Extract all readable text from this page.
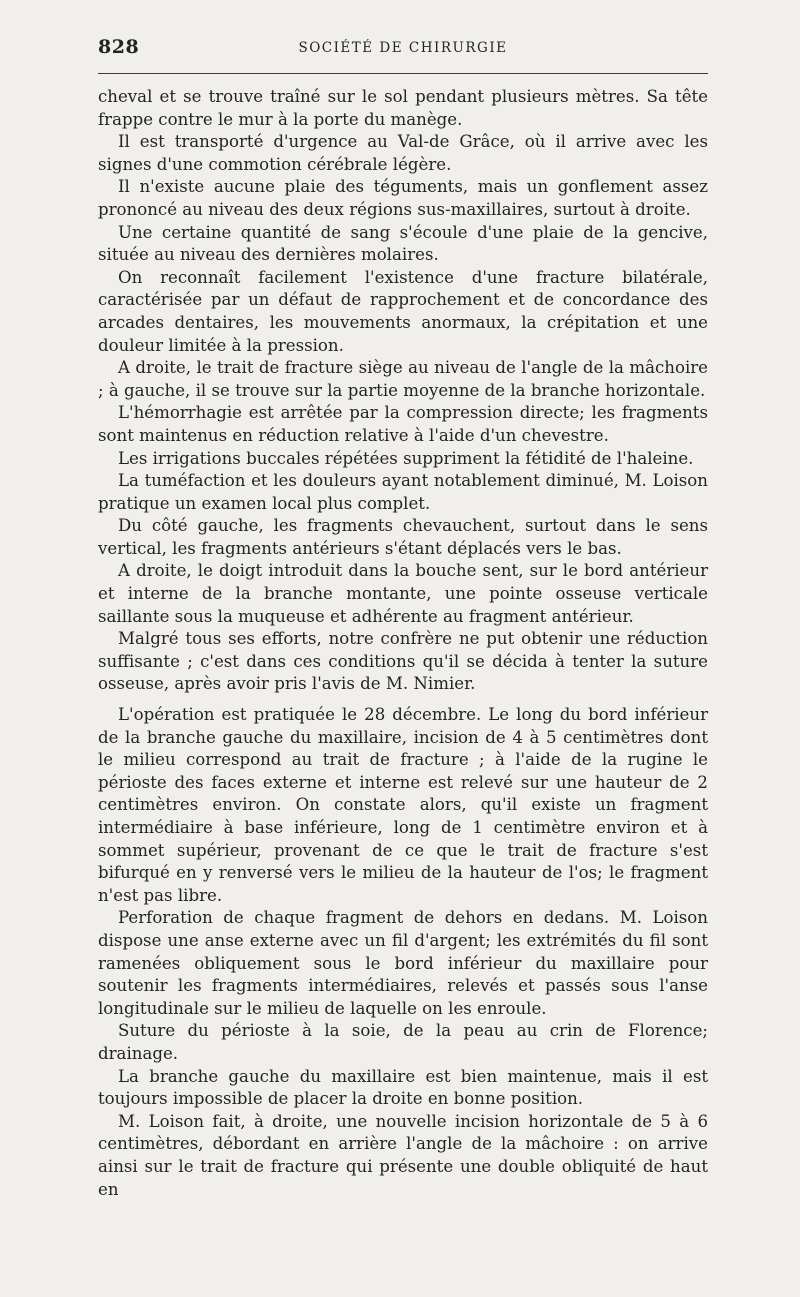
828	SOCIÉTÉ DE CHIRURGIE

cheval et se trouve traîné sur le sol pendant plusieurs mètres. Sa tête frappe contre le mur à la porte du manège.

Il est transporté d'urgence au Val-de Grâce, où il arrive avec les signes d'une commotion cérébrale légère.

Il n'existe aucune plaie des téguments, mais un gonflement assez prononcé au niveau des deux régions sus-maxillaires, surtout à droite.

Une certaine quantité de sang s'écoule d'une plaie de la gencive, située au niveau des dernières molaires.

On reconnaît facilement l'existence d'une fracture bilatérale, caractérisée par un défaut de rapprochement et de concordance des arcades dentaires, les mouvements anormaux, la crépitation et une douleur limitée à la pression.

A droite, le trait de fracture siège au niveau de l'angle de la mâchoire ; à gauche, il se trouve sur la partie moyenne de la branche horizontale.

L'hémorrhagie est arrêtée par la compression directe; les fragments sont maintenus en réduction relative à l'aide d'un chevestre.

Les irrigations buccales répétées suppriment la fétidité de l'haleine.

La tuméfaction et les douleurs ayant notablement diminué, M. Loison pratique un examen local plus complet.

Du côté gauche, les fragments chevauchent, surtout dans le sens vertical, les fragments antérieurs s'étant déplacés vers le bas.

A droite, le doigt introduit dans la bouche sent, sur le bord antérieur et interne de la branche montante, une pointe osseuse verticale saillante sous la muqueuse et adhérente au fragment antérieur.

Malgré tous ses efforts, notre confrère ne put obtenir une réduction suffisante ; c'est dans ces conditions qu'il se décida à tenter la suture osseuse, après avoir pris l'avis de M. Nimier.

L'opération est pratiquée le 28 décembre. Le long du bord inférieur de la branche gauche du maxillaire, incision de 4 à 5 centimètres dont le milieu correspond au trait de fracture ; à l'aide de la rugine le périoste des faces externe et interne est relevé sur une hauteur de 2 centimètres environ. On constate alors, qu'il existe un fragment intermédiaire à base inférieure, long de 1 centimètre environ et à sommet supérieur, provenant de ce que le trait de fracture s'est bifurqué en y renversé vers le milieu de la hauteur de l'os; le fragment n'est pas libre.

Perforation de chaque fragment de dehors en dedans. M. Loison dispose une anse externe avec un fil d'argent; les extrémités du fil sont ramenées obliquement sous le bord inférieur du maxillaire pour soutenir les fragments intermédiaires, relevés et passés sous l'anse longitudinale sur le milieu de laquelle on les enroule.

Suture du périoste à la soie, de la peau au crin de Florence; drainage.

La branche gauche du maxillaire est bien maintenue, mais il est toujours impossible de placer la droite en bonne position.

M. Loison fait, à droite, une nouvelle incision horizontale de 5 à 6 centimètres, débordant en arrière l'angle de la mâchoire : on arrive ainsi sur le trait de fracture qui présente une double obliquité de haut en
